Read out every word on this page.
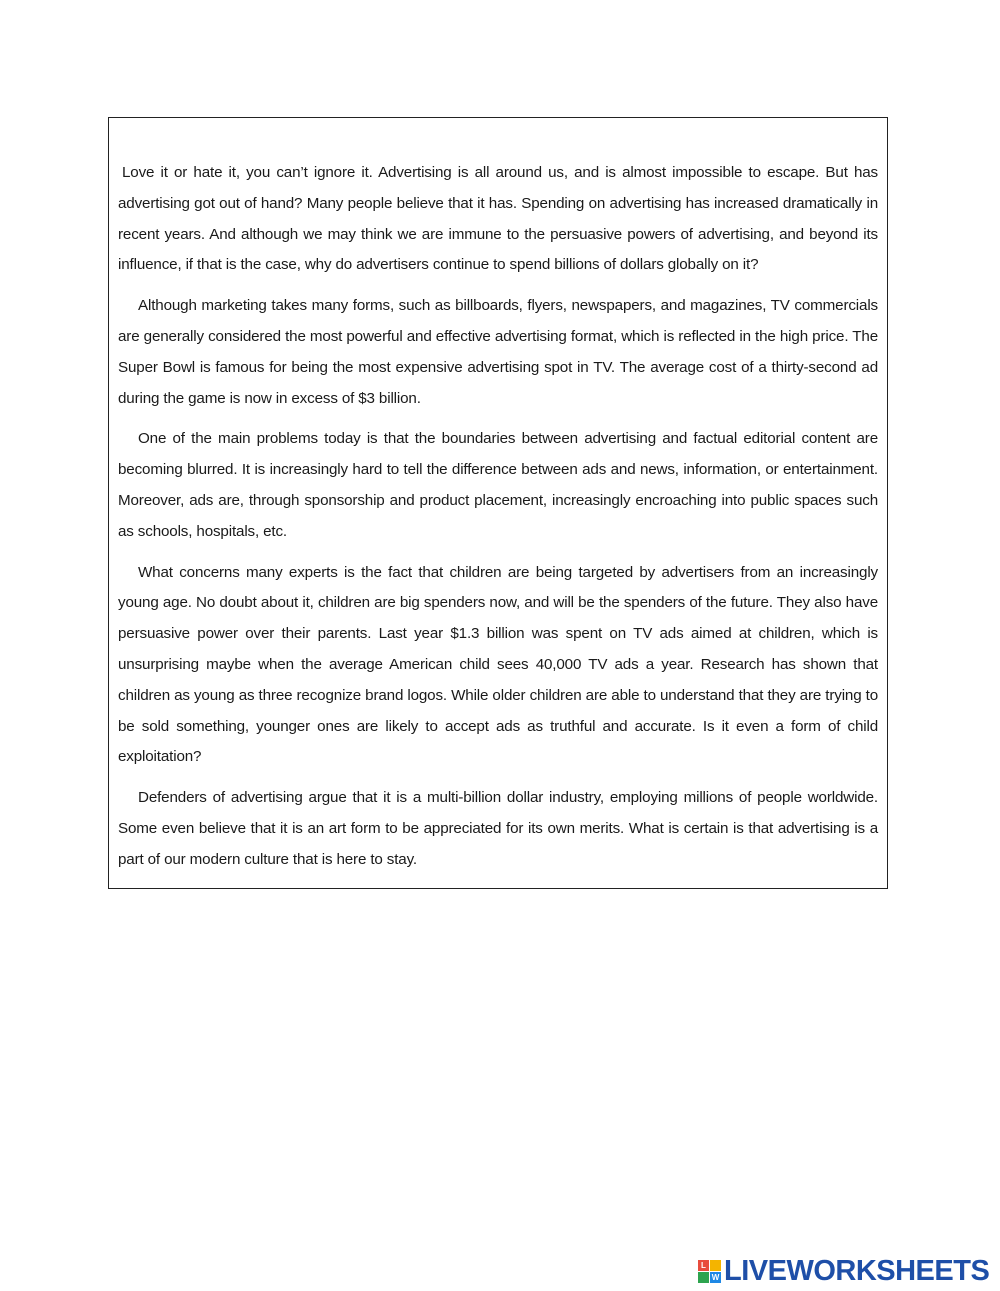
Love it or hate it, you can’t ignore it. Advertising is all around us, and is almost impossible to escape. But has advertising got out of hand? Many people believe that it has. Spending on advertising has increased dramatically in recent years. And although we may think we are immune to the persuasive powers of advertising, and beyond its influence, if that is the case, why do advertisers continue to spend billions of dollars globally on it?

Although marketing takes many forms, such as billboards, flyers, newspapers, and magazines, TV commercials are generally considered the most powerful and effective advertising format, which is reflected in the high price. The Super Bowl is famous for being the most expensive advertising spot in TV. The average cost of a thirty-second ad during the game is now in excess of $3 billion.

One of the main problems today is that the boundaries between advertising and factual editorial content are becoming blurred. It is increasingly hard to tell the difference between ads and news, information, or entertainment. Moreover, ads are, through sponsorship and product placement, increasingly encroaching into public spaces such as schools, hospitals, etc.

What concerns many experts is the fact that children are being targeted by advertisers from an increasingly young age. No doubt about it, children are big spenders now, and will be the spenders of the future. They also have persuasive power over their parents. Last year $1.3 billion was spent on TV ads aimed at children, which is unsurprising maybe when the average American child sees 40,000 TV ads a year. Research has shown that children as young as three recognize brand logos. While older children are able to understand that they are trying to be sold something, younger ones are likely to accept ads as truthful and accurate. Is it even a form of child exploitation?

Defenders of advertising argue that it is a multi-billion dollar industry, employing millions of people worldwide. Some even believe that it is an art form to be appreciated for its own merits. What is certain is that advertising is a part of our modern culture that is here to stay.

L
W LIVEWORKSHEETS
